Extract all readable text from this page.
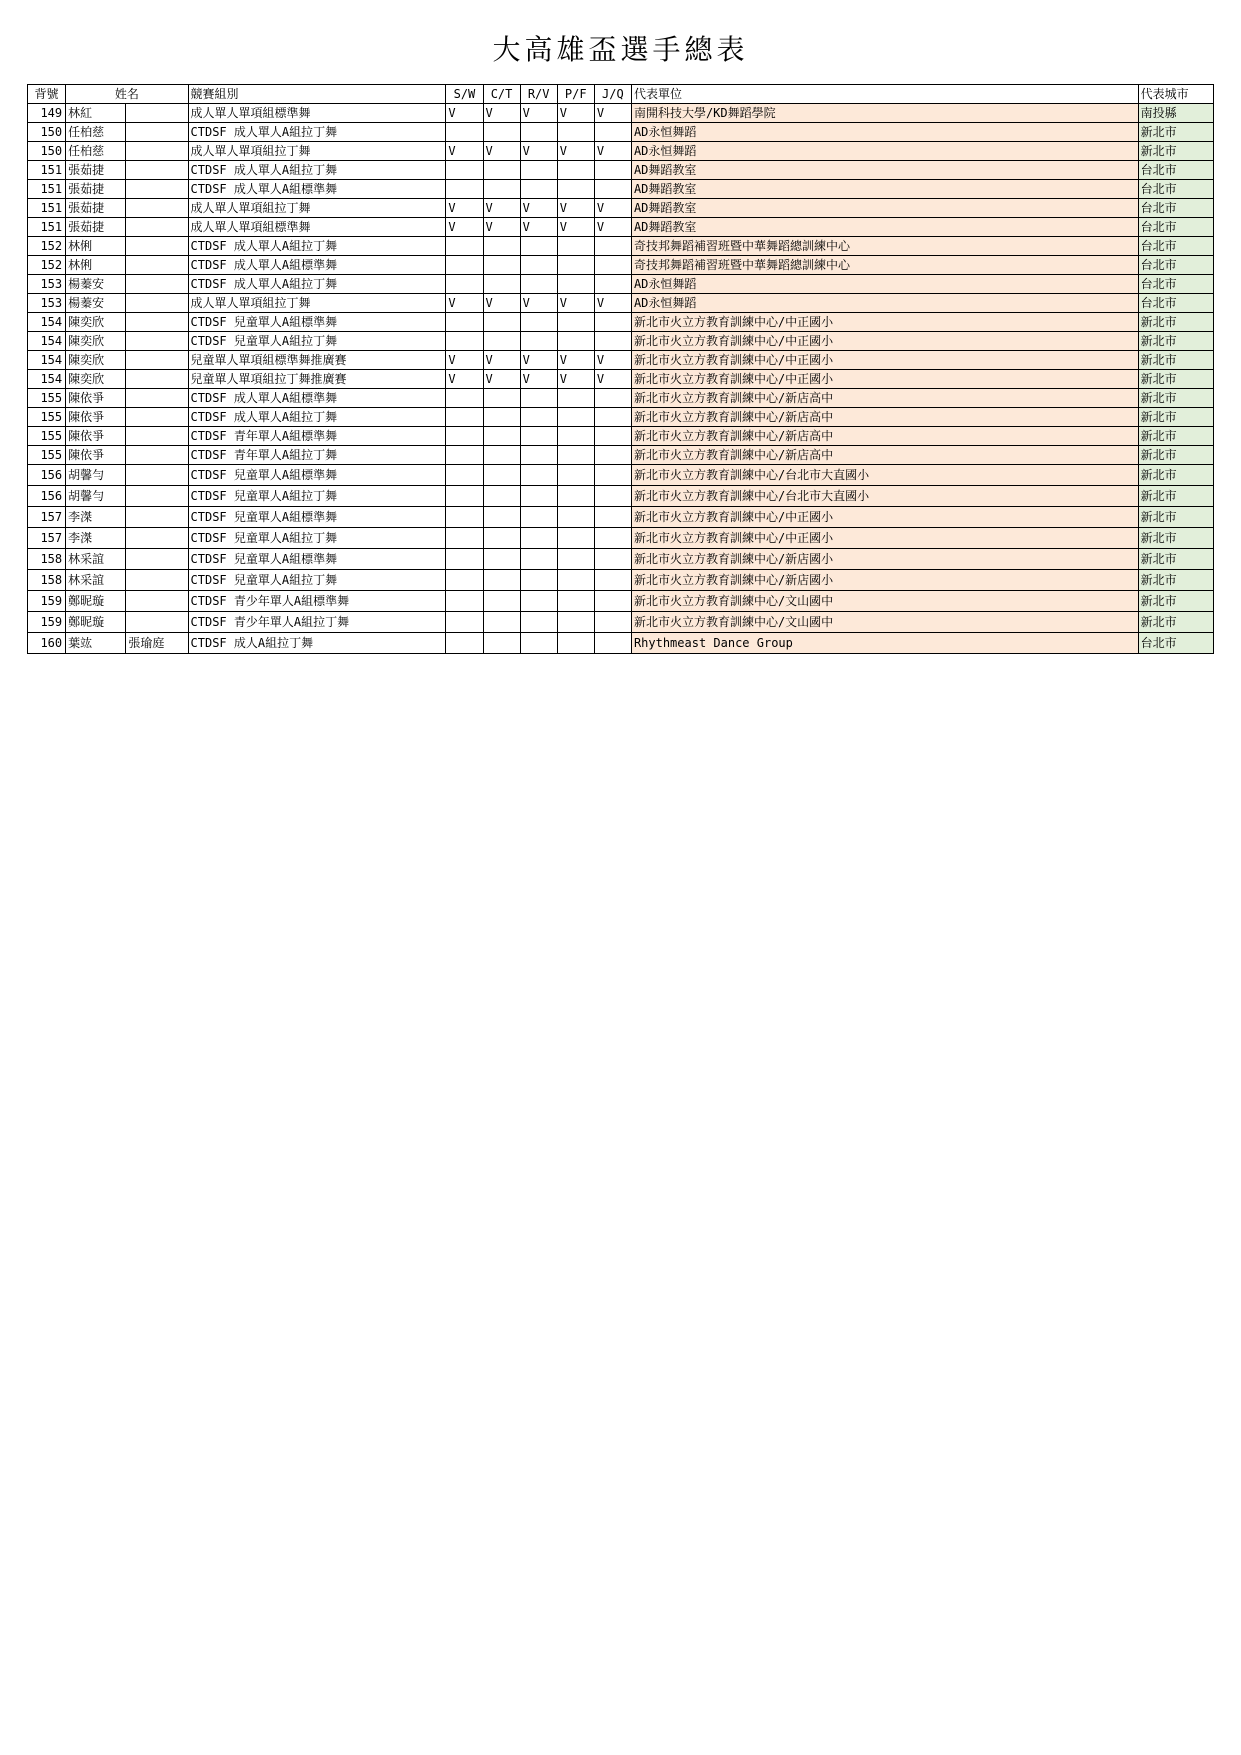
大高雄盃選手總表
背號	姓名		競賽組別	S/W	C/T	R/V	P/F	J/Q	代表單位	代表城市
149	林紅		成人單人單項組標準舞	V	V	V	V	V	南開科技大學/KD舞蹈學院	南投縣
150	任柏慈		CTDSF 成人單人A組拉丁舞						AD永恒舞蹈	新北市
150	任柏慈		成人單人單項組拉丁舞	V	V	V	V	V	AD永恒舞蹈	新北市
151	張茹捷		CTDSF 成人單人A組拉丁舞						AD舞蹈教室	台北市
151	張茹捷		CTDSF 成人單人A組標準舞						AD舞蹈教室	台北市
151	張茹捷		成人單人單項組拉丁舞	V	V	V	V	V	AD舞蹈教室	台北市
151	張茹捷		成人單人單項組標準舞	V	V	V	V	V	AD舞蹈教室	台北市
152	林俐		CTDSF 成人單人A組拉丁舞						奇技邦舞蹈補習班暨中華舞蹈總訓練中心	台北市
152	林俐		CTDSF 成人單人A組標準舞						奇技邦舞蹈補習班暨中華舞蹈總訓練中心	台北市
153	楊蓁安		CTDSF 成人單人A組拉丁舞						AD永恒舞蹈	台北市
153	楊蓁安		成人單人單項組拉丁舞	V	V	V	V	V	AD永恒舞蹈	台北市
154	陳奕欣		CTDSF 兒童單人A組標準舞						新北市火立方教育訓練中心/中正國小	新北市
154	陳奕欣		CTDSF 兒童單人A組拉丁舞						新北市火立方教育訓練中心/中正國小	新北市
154	陳奕欣		兒童單人單項組標準舞推廣賽	V	V	V	V	V	新北市火立方教育訓練中心/中正國小	新北市
154	陳奕欣		兒童單人單項組拉丁舞推廣賽	V	V	V	V	V	新北市火立方教育訓練中心/中正國小	新北市
155	陳依爭		CTDSF 成人單人A組標準舞						新北市火立方教育訓練中心/新店高中	新北市
155	陳依爭		CTDSF 成人單人A組拉丁舞						新北市火立方教育訓練中心/新店高中	新北市
155	陳依爭		CTDSF 青年單人A組標準舞						新北市火立方教育訓練中心/新店高中	新北市
155	陳依爭		CTDSF 青年單人A組拉丁舞						新北市火立方教育訓練中心/新店高中	新北市
156	胡馨勻		CTDSF 兒童單人A組標準舞						新北市火立方教育訓練中心/台北市大直國小	新北市
156	胡馨勻		CTDSF 兒童單人A組拉丁舞						新北市火立方教育訓練中心/台北市大直國小	新北市
157	李滐		CTDSF 兒童單人A組標準舞						新北市火立方教育訓練中心/中正國小	新北市
157	李滐		CTDSF 兒童單人A組拉丁舞						新北市火立方教育訓練中心/中正國小	新北市
158	林采誼		CTDSF 兒童單人A組標準舞						新北市火立方教育訓練中心/新店國小	新北市
158	林采誼		CTDSF 兒童單人A組拉丁舞						新北市火立方教育訓練中心/新店國小	新北市
159	鄭昵璇		CTDSF 青少年單人A組標準舞						新北市火立方教育訓練中心/文山國中	新北市
159	鄭昵璇		CTDSF 青少年單人A組拉丁舞						新北市火立方教育訓練中心/文山國中	新北市
160	葉竑	張瑜庭	CTDSF 成人A組拉丁舞						Rhythmeast Dance Group	台北市
